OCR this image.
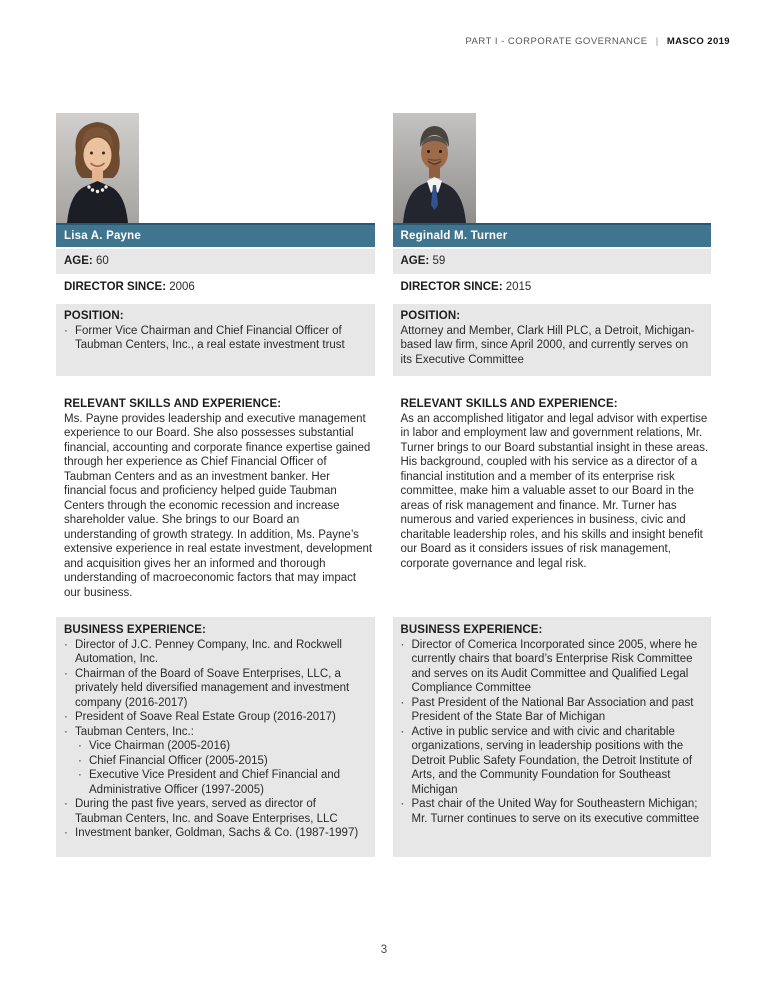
PART I - CORPORATE GOVERNANCE | MASCO 2019
Lisa A. Payne
AGE: 60
Reginald M. Turner
AGE: 59
DIRECTOR SINCE: 2006	DIRECTOR SINCE: 2015
POSITION:
· Former Vice Chairman and Chief Financial Officer of Taubman Centers, Inc., a real estate investment trust
POSITION:
Attorney and Member, Clark Hill PLC, a Detroit, Michigan-based law firm, since April 2000, and currently serves on its Executive Committee
RELEVANT SKILLS AND EXPERIENCE:

Ms. Payne provides leadership and executive management experience to our Board. She also possesses substantial financial, accounting and corporate finance expertise gained through her experience as Chief Financial Officer of Taubman Centers and as an investment banker. Her financial focus and proficiency helped guide Taubman Centers through the economic recession and increase shareholder value. She brings to our Board an understanding of growth strategy. In addition, Ms. Payne’s extensive experience in real estate investment, development and acquisition gives her an informed and thorough understanding of macroeconomic factors that may impact our business.

RELEVANT SKILLS AND EXPERIENCE:

As an accomplished litigator and legal advisor with expertise in labor and employment law and government relations, Mr. Turner brings to our Board substantial insight in these areas. His background, coupled with his service as a director of a financial institution and a member of its enterprise risk committee, make him a valuable asset to our Board in the areas of risk management and finance. Mr. Turner has numerous and varied experiences in business, civic and charitable leadership roles, and his skills and insight benefit our Board as it considers issues of risk management, corporate governance and legal risk.

BUSINESS EXPERIENCE:
· Director of J.C. Penney Company, Inc. and Rockwell Automation, Inc.
· Chairman of the Board of Soave Enterprises, LLC, a privately held diversified management and investment company (2016-2017)
· President of Soave Real Estate Group (2016-2017)
· Taubman Centers, Inc.:
· Vice Chairman (2005-2016)
· Chief Financial Officer (2005-2015)
· Executive Vice President and Chief Financial and Administrative Officer (1997-2005)
· During the past five years, served as director of Taubman Centers, Inc. and Soave Enterprises, LLC
· Investment banker, Goldman, Sachs & Co. (1987-1997)
BUSINESS EXPERIENCE:
· Director of Comerica Incorporated since 2005, where he currently chairs that board’s Enterprise Risk Committee and serves on its Audit Committee and Qualified Legal Compliance Committee
· Past President of the National Bar Association and past President of the State Bar of Michigan
· Active in public service and with civic and charitable organizations, serving in leadership positions with the Detroit Public Safety Foundation, the Detroit Institute of Arts, and the Community Foundation for Southeast Michigan
· Past chair of the United Way for Southeastern Michigan; Mr. Turner continues to serve on its executive committee
3
